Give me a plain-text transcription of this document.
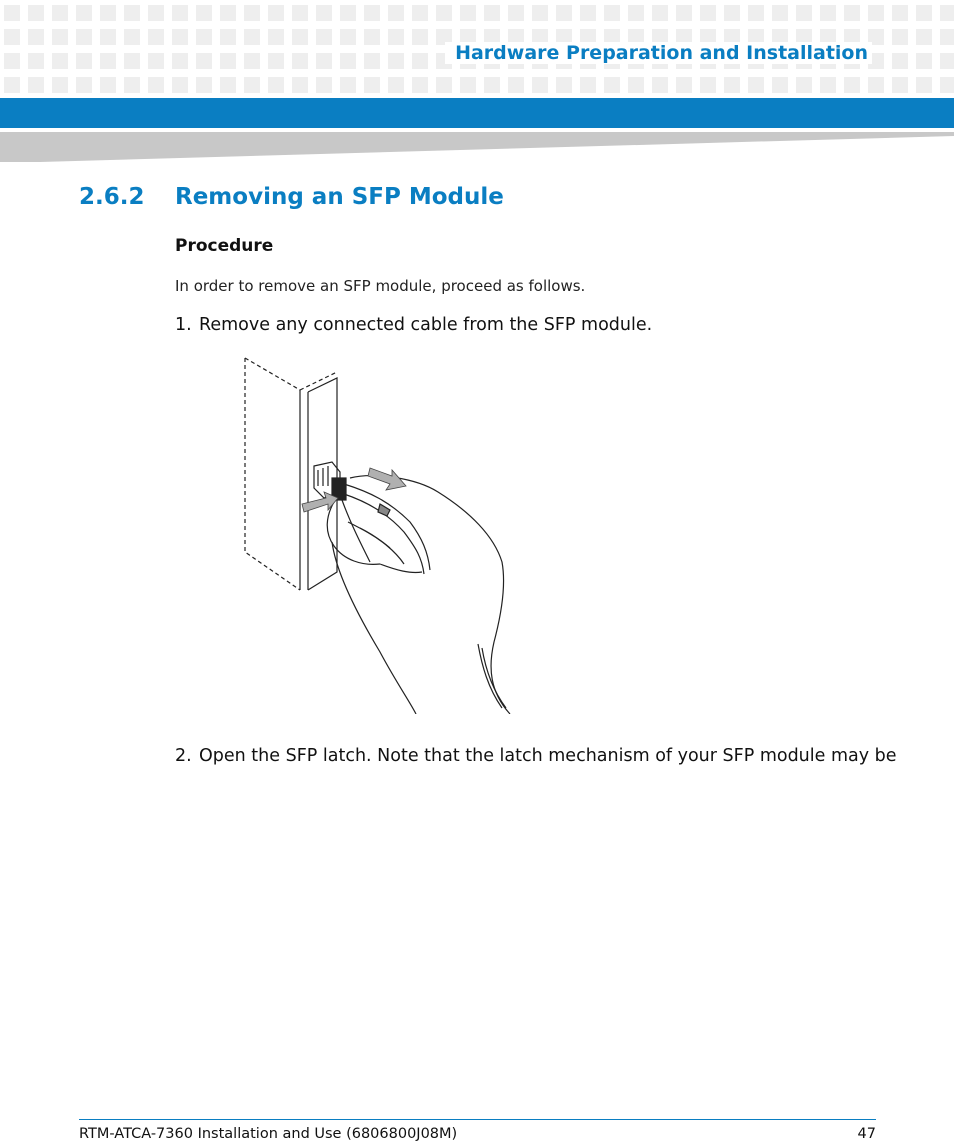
Hardware Preparation and Installation
2.6.2 Removing an SFP Module
Procedure
In order to remove an SFP module, proceed as follows.
1. Remove any connected cable from the SFP module.
2. Open the SFP latch. Note that the latch mechanism of your SFP module may be
RTM-ATCA-7360 Installation and Use (6806800J08M)	47
